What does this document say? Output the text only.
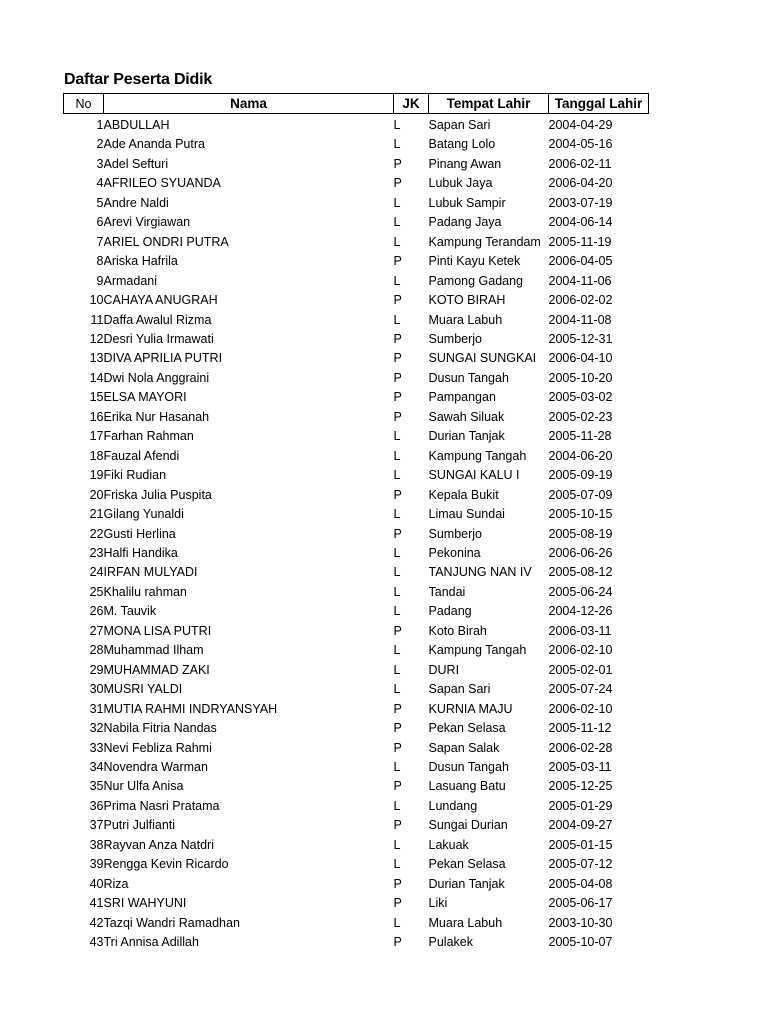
Daftar Peserta Didik
No	Nama	JK	Tempat Lahir	Tanggal Lahir
1	ABDULLAH	L	Sapan Sari	2004-04-29
2	Ade Ananda Putra	L	Batang Lolo	2004-05-16
3	Adel Sefturi	P	Pinang Awan	2006-02-11
4	AFRILEO SYUANDA	P	Lubuk Jaya	2006-04-20
5	Andre Naldi	L	Lubuk Sampir	2003-07-19
6	Arevi Virgiawan	L	Padang Jaya	2004-06-14
7	ARIEL ONDRI PUTRA	L	Kampung Terandam	2005-11-19
8	Ariska Hafrila	P	Pinti Kayu Ketek	2006-04-05
9	Armadani	L	Pamong Gadang	2004-11-06
10	CAHAYA ANUGRAH	P	KOTO BIRAH	2006-02-02
11	Daffa Awalul Rizma	L	Muara Labuh	2004-11-08
12	Desri Yulia Irmawati	P	Sumberjo	2005-12-31
13	DIVA APRILIA PUTRI	P	SUNGAI SUNGKAI	2006-04-10
14	Dwi Nola Anggraini	P	Dusun Tangah	2005-10-20
15	ELSA MAYORI	P	Pampangan	2005-03-02
16	Erika Nur Hasanah	P	Sawah Siluak	2005-02-23
17	Farhan Rahman	L	Durian Tanjak	2005-11-28
18	Fauzal Afendi	L	Kampung Tangah	2004-06-20
19	Fiki Rudian	L	SUNGAI KALU I	2005-09-19
20	Friska Julia Puspita	P	Kepala Bukit	2005-07-09
21	Gilang Yunaldi	L	Limau Sundai	2005-10-15
22	Gusti Herlina	P	Sumberjo	2005-08-19
23	Halfi Handika	L	Pekonina	2006-06-26
24	IRFAN MULYADI	L	TANJUNG NAN IV	2005-08-12
25	Khalilu rahman	L	Tandai	2005-06-24
26	M. Tauvik	L	Padang	2004-12-26
27	MONA LISA PUTRI	P	Koto Birah	2006-03-11
28	Muhammad Ilham	L	Kampung Tangah	2006-02-10
29	MUHAMMAD ZAKI	L	DURI	2005-02-01
30	MUSRI YALDI	L	Sapan Sari	2005-07-24
31	MUTIA RAHMI INDRYANSYAH	P	KURNIA MAJU	2006-02-10
32	Nabila Fitria Nandas	P	Pekan Selasa	2005-11-12
33	Nevi Febliza Rahmi	P	Sapan Salak	2006-02-28
34	Novendra Warman	L	Dusun Tangah	2005-03-11
35	Nur Ulfa Anisa	P	Lasuang Batu	2005-12-25
36	Prima Nasri Pratama	L	Lundang	2005-01-29
37	Putri Julfianti	P	Sungai Durian	2004-09-27
38	Rayvan Anza Natdri	L	Lakuak	2005-01-15
39	Rengga Kevin Ricardo	L	Pekan Selasa	2005-07-12
40	Riza	P	Durian Tanjak	2005-04-08
41	SRI WAHYUNI	P	Liki	2005-06-17
42	Tazqi Wandri Ramadhan	L	Muara Labuh	2003-10-30
43	Tri Annisa Adillah	P	Pulakek	2005-10-07
